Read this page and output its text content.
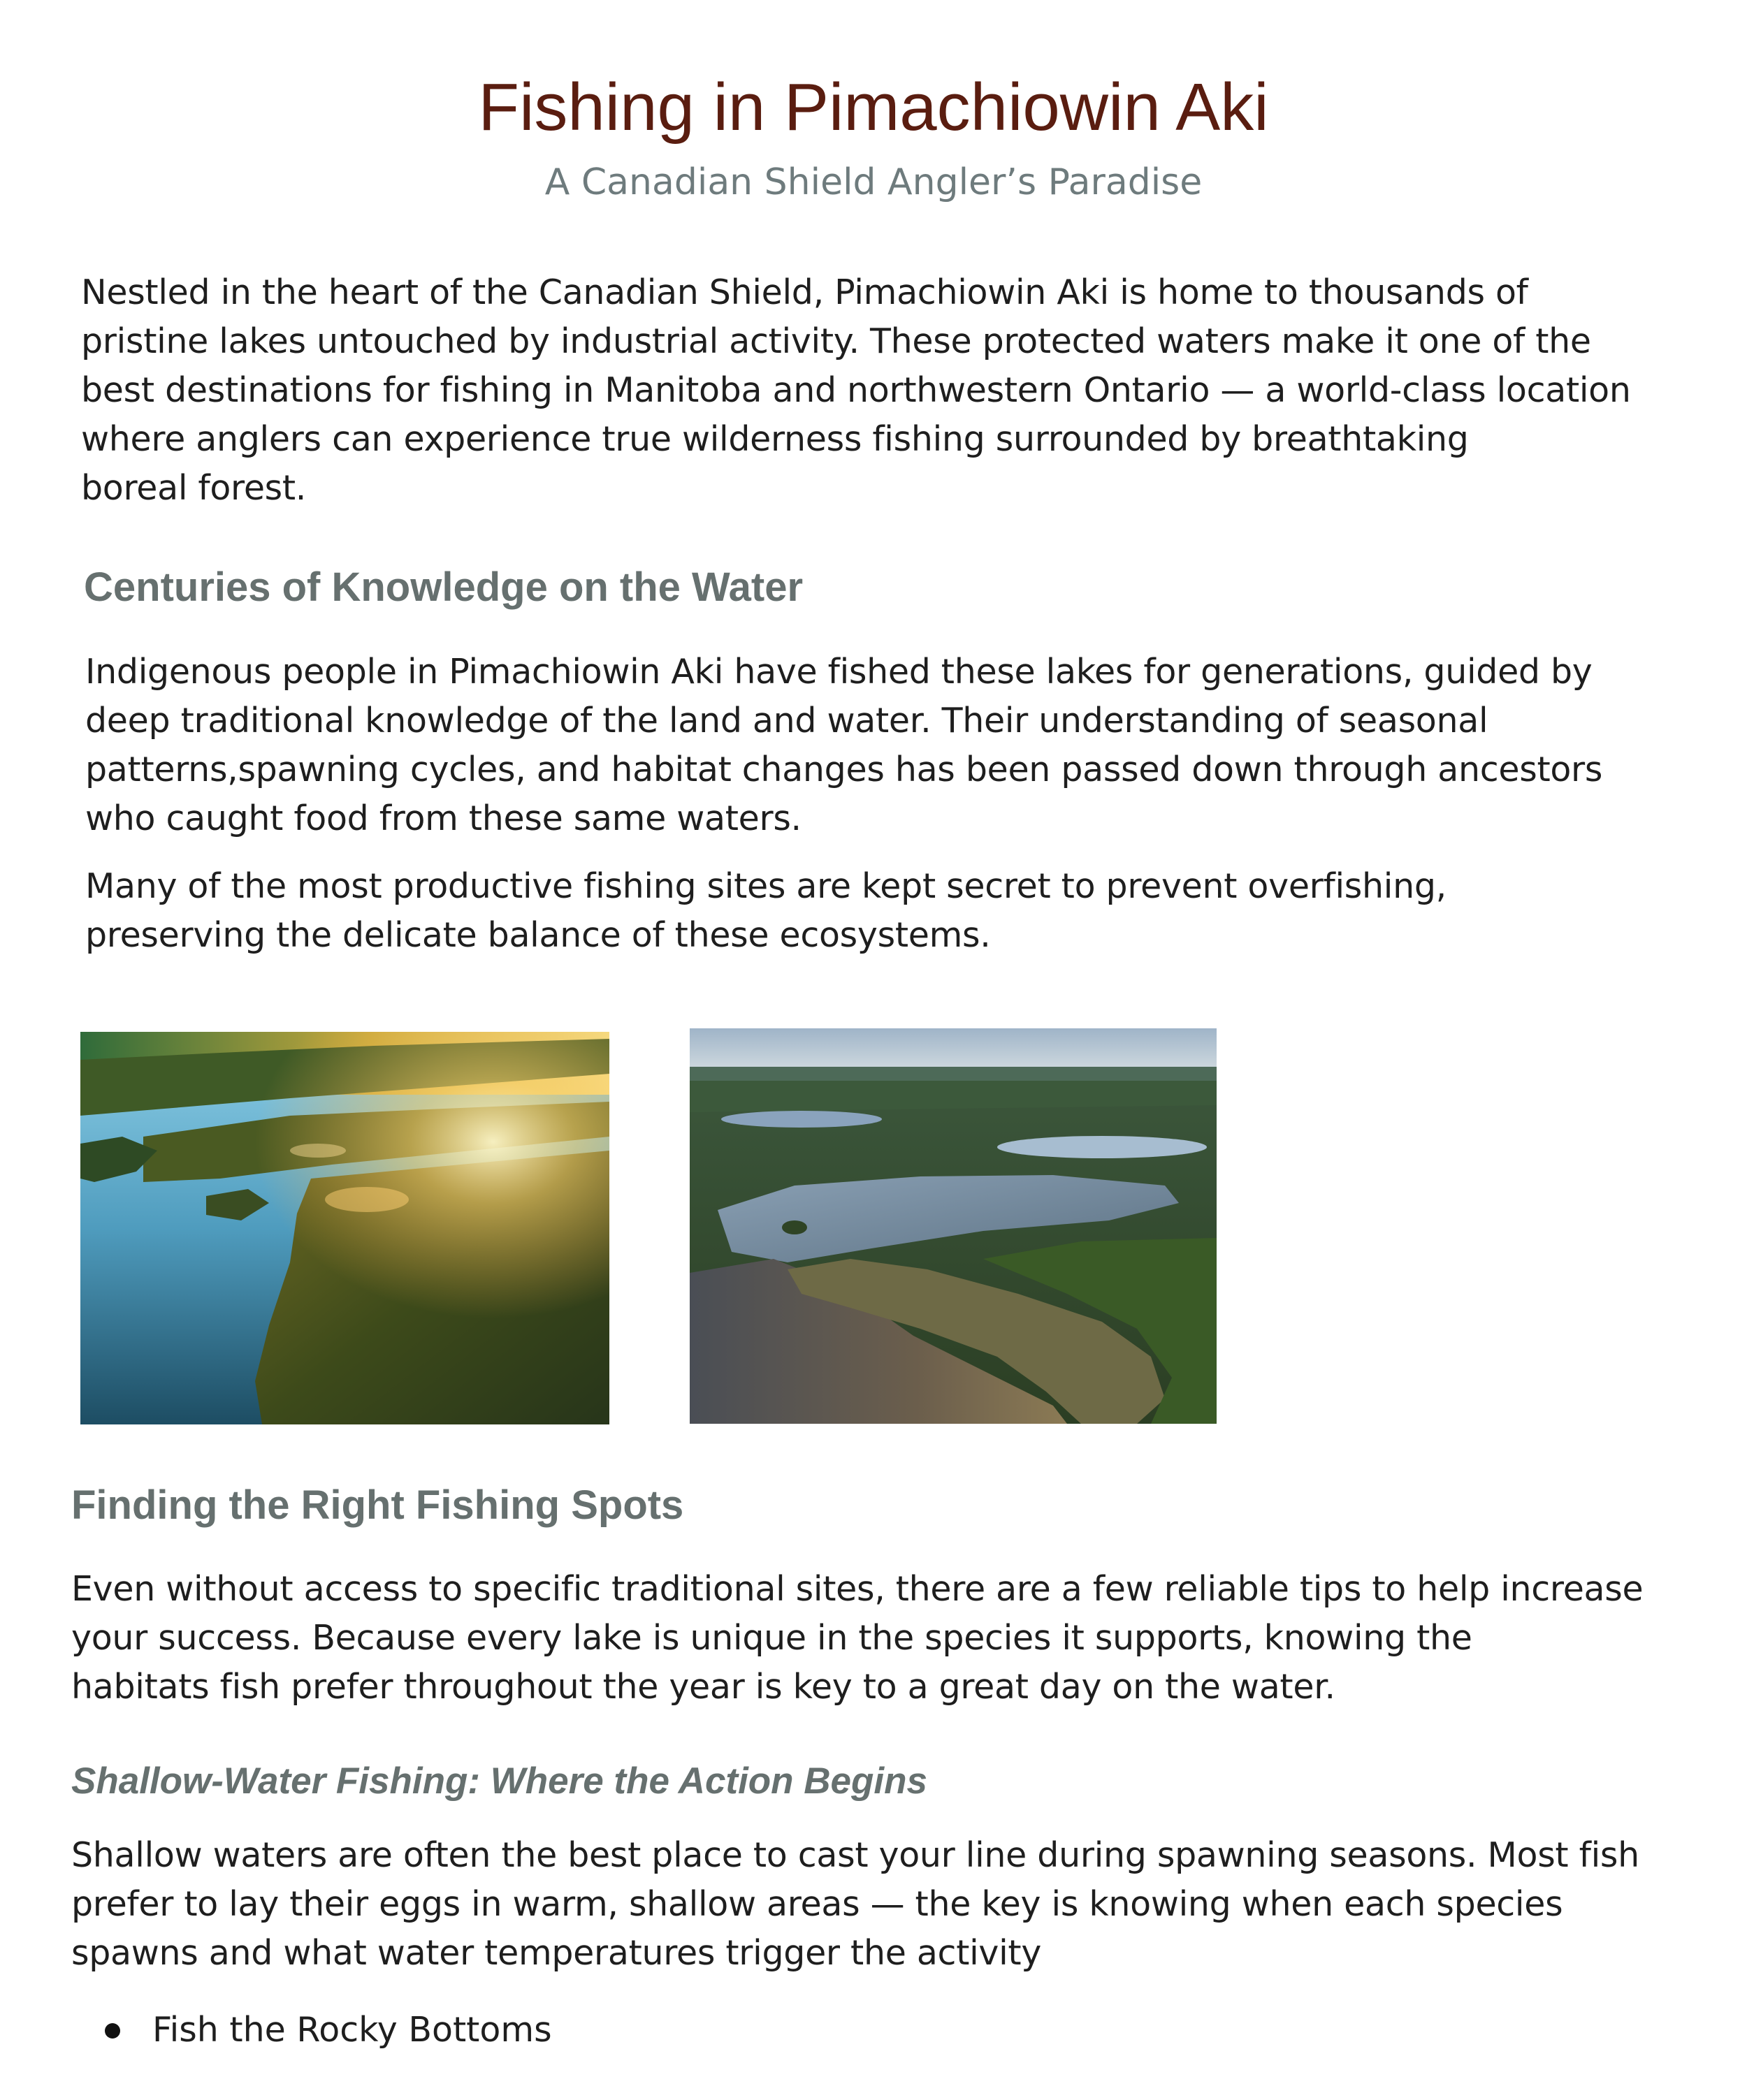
Fishing in Pimachiowin Aki

A Canadian Shield Angler’s Paradise

Nestled in the heart of the Canadian Shield, Pimachiowin Aki is home to thousands of
pristine lakes untouched by industrial activity. These protected waters make it one of the
best destinations for fishing in Manitoba and northwestern Ontario — a world-class location
where anglers can experience true wilderness fishing surrounded by breathtaking
boreal forest.
Centuries of Knowledge on the Water
Indigenous people in Pimachiowin Aki have fished these lakes for generations, guided by
deep traditional knowledge of the land and water. Their understanding of seasonal
patterns,spawning cycles, and habitat changes has been passed down through ancestors
who caught food from these same waters.
Many of the most productive fishing sites are kept secret to prevent overfishing,
preserving the delicate balance of these ecosystems.
Finding the Right Fishing Spots
Even without access to specific traditional sites, there are a few reliable tips to help increase
your success. Because every lake is unique in the species it supports, knowing the
habitats fish prefer throughout the year is key to a great day on the water.
Shallow-Water Fishing: Where the Action Begins
Shallow waters are often the best place to cast your line during spawning seasons. Most fish
prefer to lay their eggs in warm, shallow areas — the key is knowing when each species
spawns and what water temperatures trigger the activity
Fish the Rocky Bottoms
